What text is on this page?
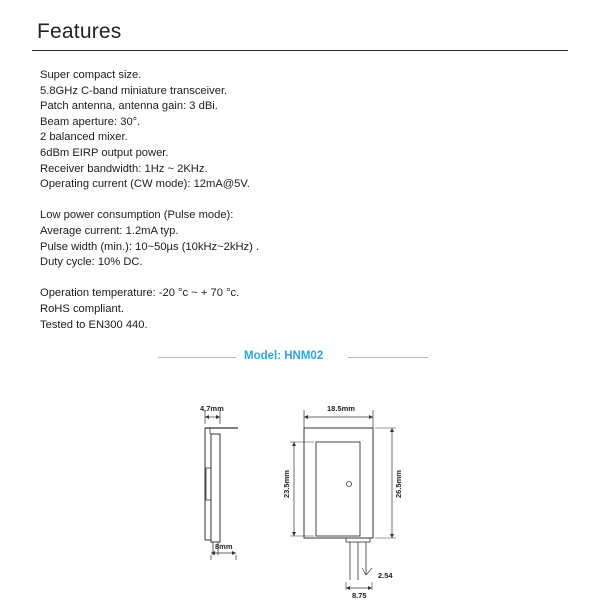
Features
Super compact size.
5.8GHz C-band miniature transceiver.
Patch antenna, antenna gain: 3 dBi.
Beam aperture: 30°.
2 balanced mixer.
6dBm EIRP output power.
Receiver bandwidth: 1Hz ~ 2KHz.
Operating current (CW mode): 12mA@5V.
Low power consumption (Pulse mode):
Average current: 1.2mA typ.
Pulse width (min.): 10~50µs (10kHz~2kHz) .
Duty cycle: 10% DC.
Operation temperature: -20 °c ~ + 70 °c.
RoHS compliant.
Tested to EN300 440.
Model: HNM02
4.7mm
8mm
18.5mm
23.5mm	26.5mm
2.54
8.75
